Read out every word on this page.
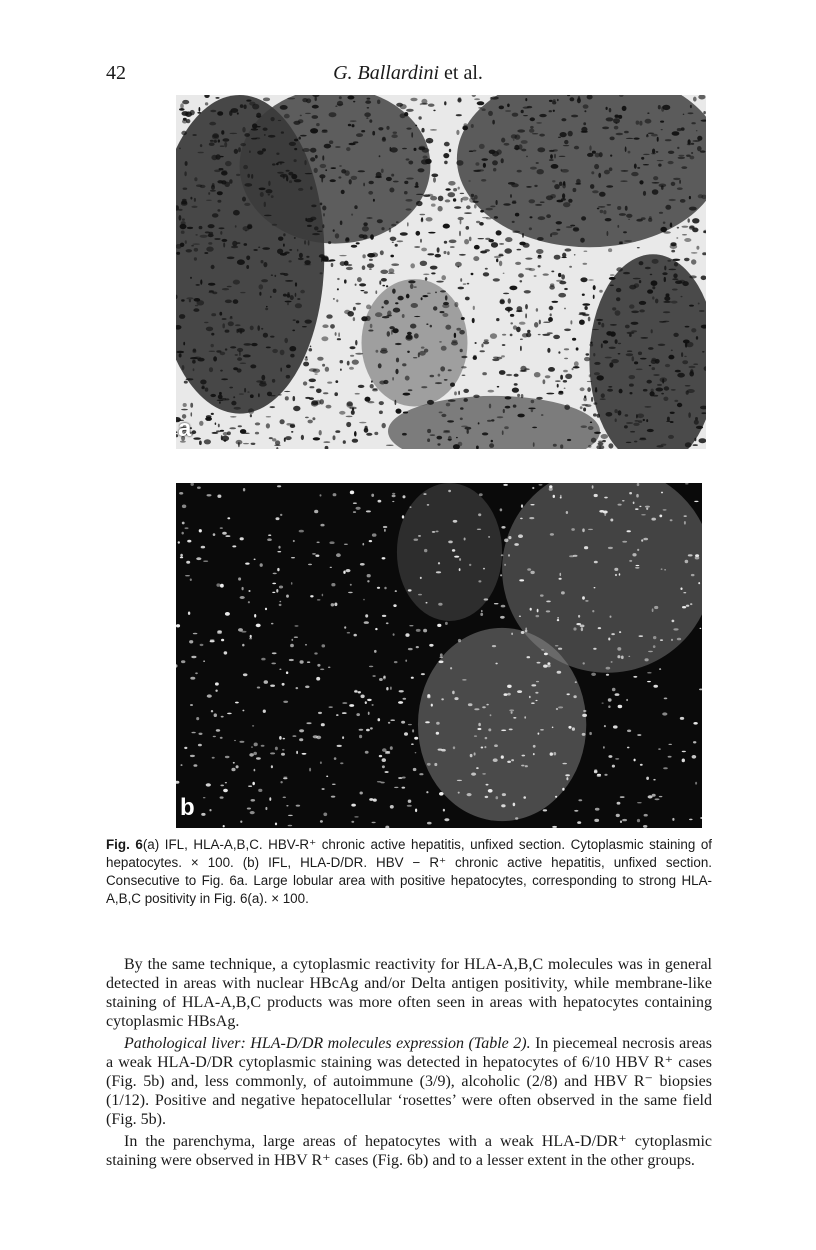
42	G. Ballardini et al.
a
b
Fig. 6(a) IFL, HLA-A,B,C. HBV-R⁺ chronic active hepatitis, unfixed section. Cytoplasmic staining of hepatocytes. × 100. (b) IFL, HLA-D/DR. HBV − R⁺ chronic active hepatitis, unfixed section. Consecutive to Fig. 6a. Large lobular area with positive hepatocytes, corresponding to strong HLA-A,B,C positivity in Fig. 6(a). × 100.

By the same technique, a cytoplasmic reactivity for HLA-A,B,C molecules was in general detected in areas with nuclear HBcAg and/or Delta antigen positivity, while membrane-like staining of HLA-A,B,C products was more often seen in areas with hepatocytes containing cytoplasmic HBsAg.

Pathological liver: HLA-D/DR molecules expression (Table 2). In piecemeal necrosis areas a weak HLA-D/DR cytoplasmic staining was detected in hepatocytes of 6/10 HBV R⁺ cases (Fig. 5b) and, less commonly, of autoimmune (3/9), alcoholic (2/8) and HBV R⁻ biopsies (1/12). Positive and negative hepatocellular ‘rosettes’ were often observed in the same field (Fig. 5b).

In the parenchyma, large areas of hepatocytes with a weak HLA-D/DR⁺ cytoplasmic staining were observed in HBV R⁺ cases (Fig. 6b) and to a lesser extent in the other groups.
